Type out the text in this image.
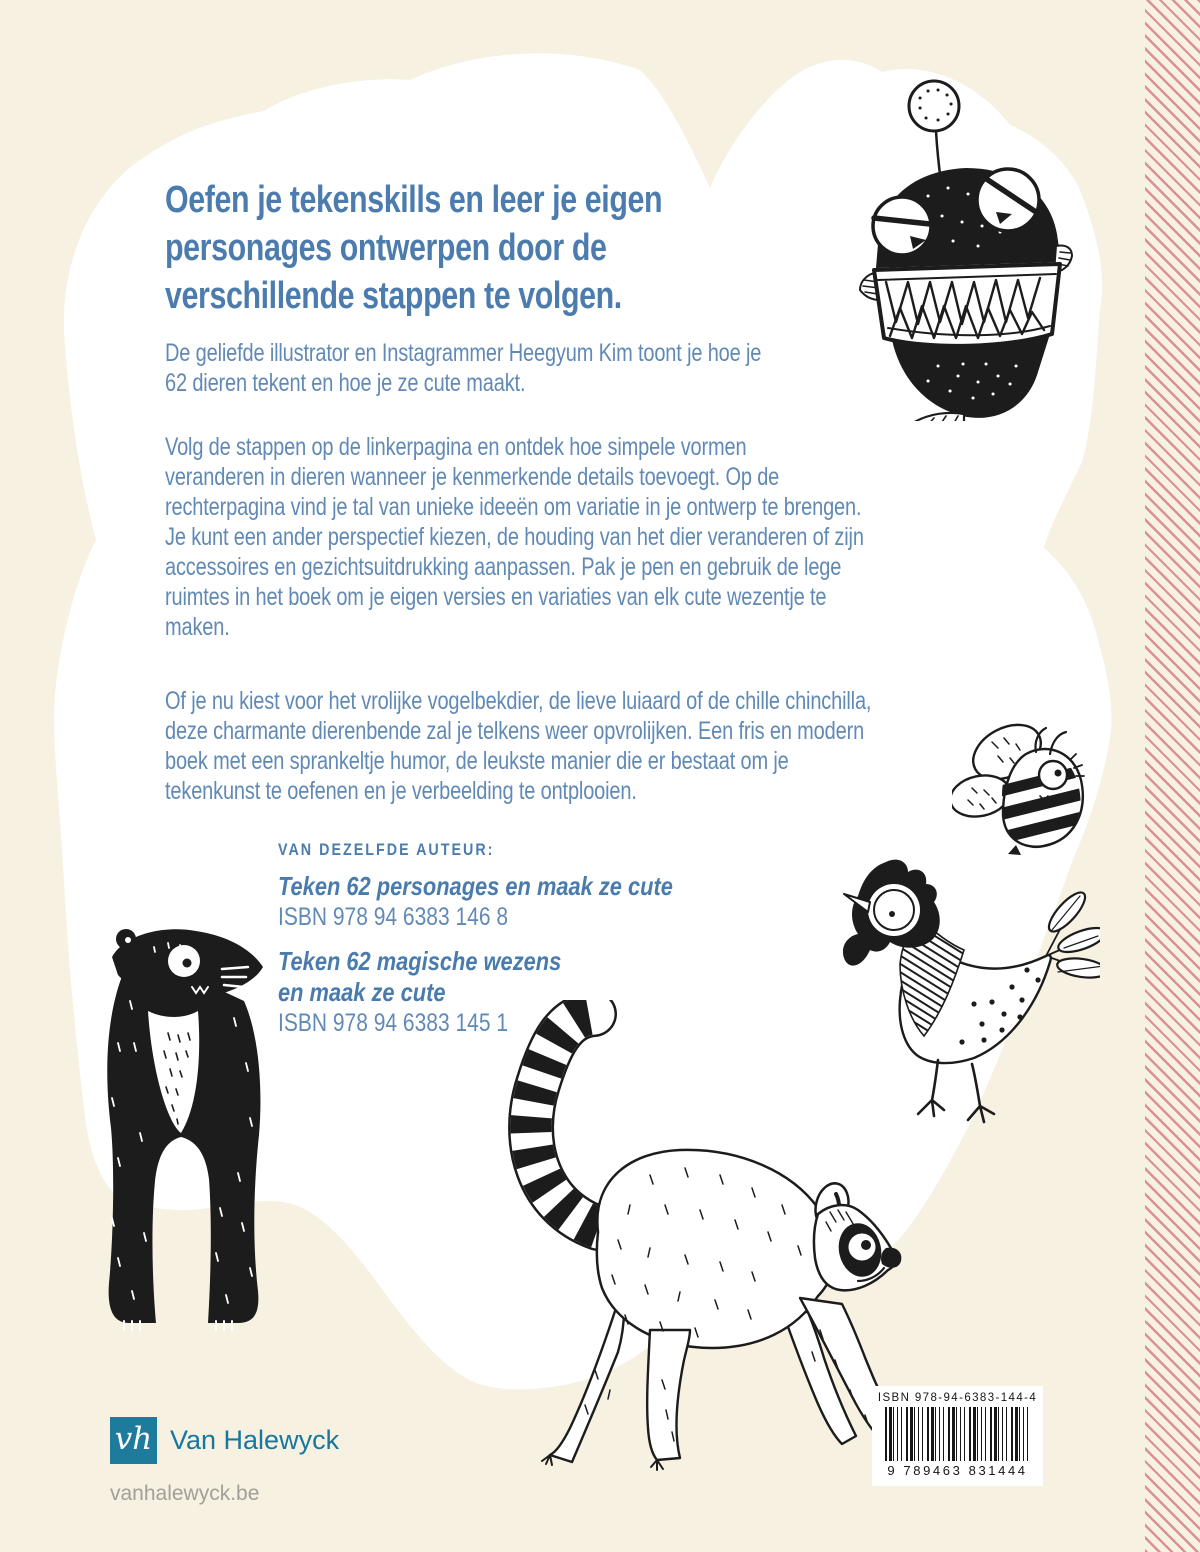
Oefen je tekenskills en leer je eigen
personages ontwerpen door de
verschillende stappen te volgen.
De geliefde illustrator en Instagrammer Heegyum Kim toont je hoe je
62 dieren tekent en hoe je ze cute maakt.
Volg de stappen op de linkerpagina en ontdek hoe simpele vormen
veranderen in dieren wanneer je kenmerkende details toevoegt. Op de
rechterpagina vind je tal van unieke ideeën om variatie in je ontwerp te brengen.
Je kunt een ander perspectief kiezen, de houding van het dier veranderen of zijn
accessoires en gezichtsuitdrukking aanpassen. Pak je pen en gebruik de lege
ruimtes in het boek om je eigen versies en variaties van elk cute wezentje te
maken.
Of je nu kiest voor het vrolijke vogelbekdier, de lieve luiaard of de chille chinchilla,
deze charmante dierenbende zal je telkens weer opvrolijken. Een fris en modern
boek met een sprankeltje humor, de leukste manier die er bestaat om je
tekenkunst te oefenen en je verbeelding te ontplooien.
VAN DEZELFDE AUTEUR:
Teken 62 personages en maak ze cute
ISBN 978 94 6383 146 8
Teken 62 magische wezens
en maak ze cute
ISBN 978 94 6383 145 1
ISBN 978-94-6383-144-4
9 789463 831444
vh Van Halewyck
vanhalewyck.be
